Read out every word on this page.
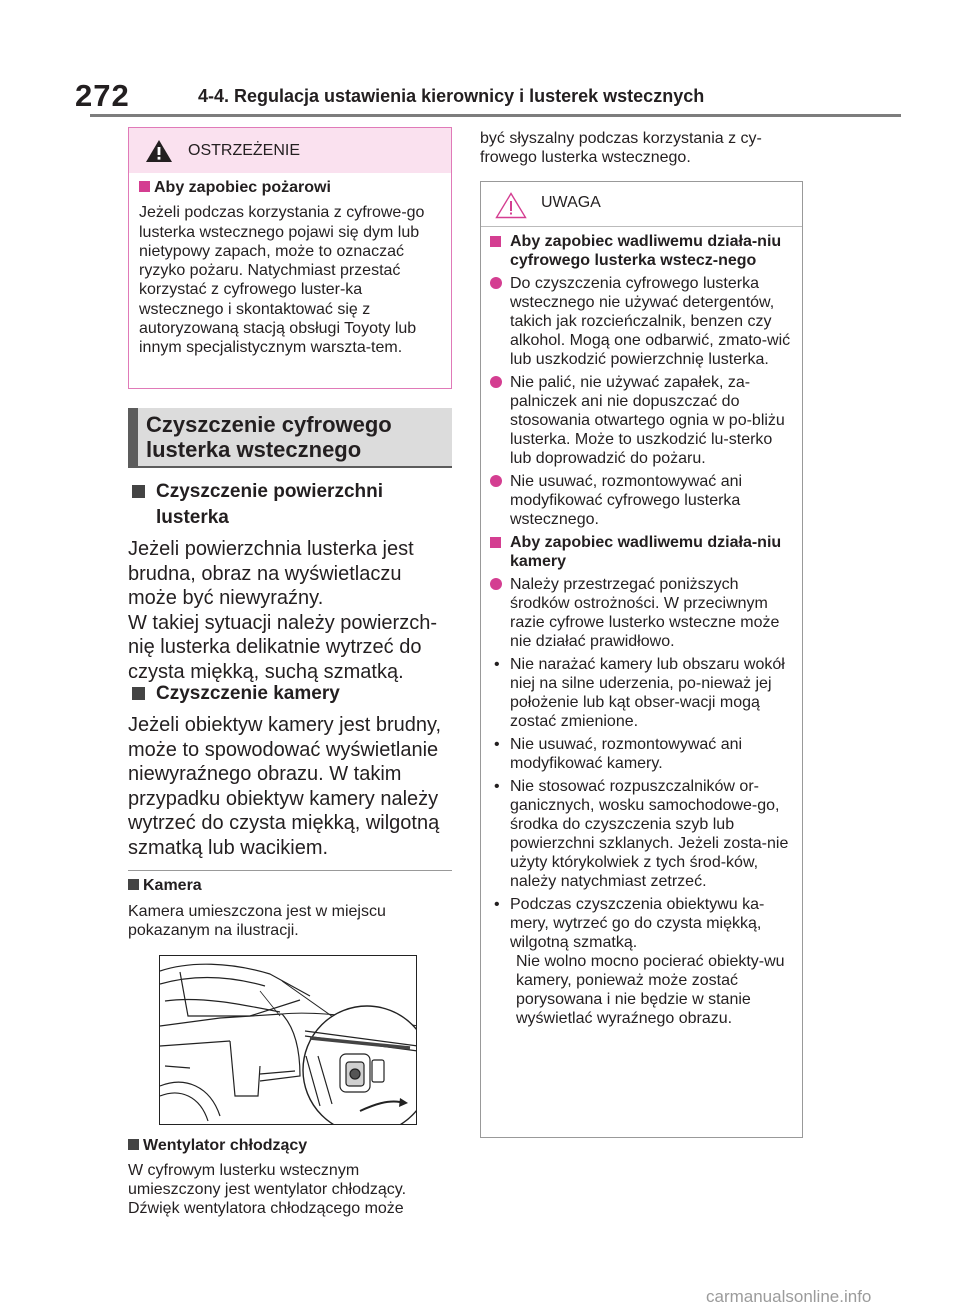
272	4-4. Regulacja ustawienia kierownicy i lusterek wstecznych
OSTRZEŻENIE
Aby zapobiec pożarowi
Jeżeli podczas korzystania z cyfrowe-go lusterka wstecznego pojawi się dym lub nietypowy zapach, może to oznaczać ryzyko pożaru. Natychmiast przestać korzystać z cyfrowego luster-ka wstecznego i skontaktować się z autoryzowaną stacją obsługi Toyoty lub innym specjalistycznym warszta-tem.
Czyszczenie cyfrowego
lusterka wstecznego
Czyszczenie powierzchni
lusterka
Jeżeli powierzchnia lusterka jest brudna, obraz na wyświetlaczu może być niewyraźny.
W takiej sytuacji należy powierzch-nię lusterka delikatnie wytrzeć do czysta miękką, suchą szmatką.
Czyszczenie kamery
Jeżeli obiektyw kamery jest brudny, może to spowodować wyświetlanie niewyraźnego obrazu. W takim przypadku obiektyw kamery należy wytrzeć do czysta miękką, wilgotną szmatką lub wacikiem.
Kamera
Kamera umieszczona jest w miejscu pokazanym na ilustracji.
Wentylator chłodzący
W cyfrowym lusterku wstecznym umieszczony jest wentylator chłodzący. Dźwięk wentylatora chłodzącego może
być słyszalny podczas korzystania z cy-frowego lusterka wstecznego.
UWAGA
Aby zapobiec wadliwemu działa-niu cyfrowego lusterka wstecz-nego
Do czyszczenia cyfrowego lusterka wstecznego nie używać detergentów, takich jak rozcieńczalnik, benzen czy alkohol. Mogą one odbarwić, zmato-wić lub uszkodzić powierzchnię lusterka.
Nie palić, nie używać zapałek, za-palniczek ani nie dopuszczać do stosowania otwartego ognia w po-bliżu lusterka. Może to uszkodzić lu-sterko lub doprowadzić do pożaru.
Nie usuwać, rozmontowywać ani modyfikować cyfrowego lusterka wstecznego.
Aby zapobiec wadliwemu działa-niu kamery
Należy przestrzegać poniższych środków ostrożności. W przeciwnym razie cyfrowe lusterko wsteczne może nie działać prawidłowo.
• Nie narażać kamery lub obszaru wokół niej na silne uderzenia, po-nieważ jej położenie lub kąt obser-wacji mogą zostać zmienione.
• Nie usuwać, rozmontowywać ani modyfikować kamery.
• Nie stosować rozpuszczalników or-ganicznych, wosku samochodowe-go, środka do czyszczenia szyb lub powierzchni szklanych. Jeżeli zosta-nie użyty którykolwiek z tych środ-ków, należy natychmiast zetrzeć.
• Podczas czyszczenia obiektywu ka-mery, wytrzeć go do czysta miękką, wilgotną szmatką.
Nie wolno mocno pocierać obiekty-wu kamery, ponieważ może zostać porysowana i nie będzie w stanie wyświetlać wyraźnego obrazu.
carmanualsonline.info
